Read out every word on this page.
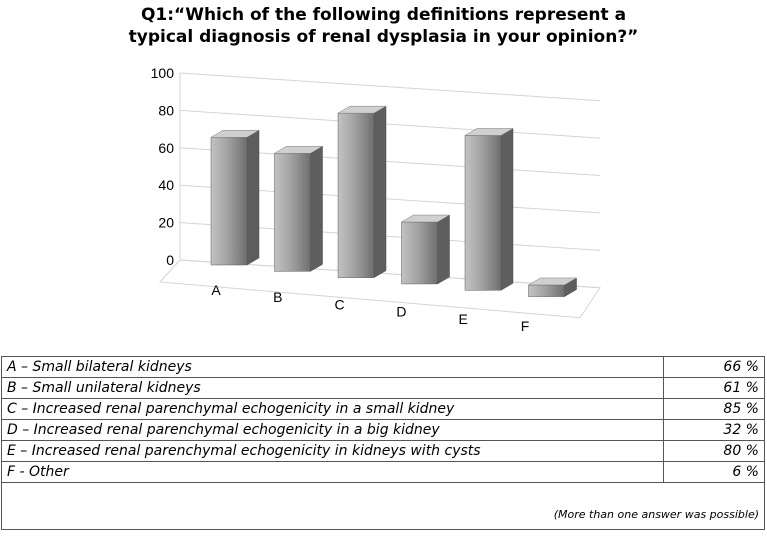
Q1:“Which of the following definitions represent a
typical diagnosis of renal dysplasia in your opinion?”
0
20
40
60
80
100
A	B	C	D	E	F
A – Small bilateral kidneys	66 %
B – Small unilateral kidneys	61 %
C – Increased renal parenchymal echogenicity in a small kidney	85 %
D – Increased renal parenchymal echogenicity in a big kidney	32 %
E – Increased renal parenchymal echogenicity in kidneys with cysts	80 %
F - Other	6 %
(More than one answer was possible)	
